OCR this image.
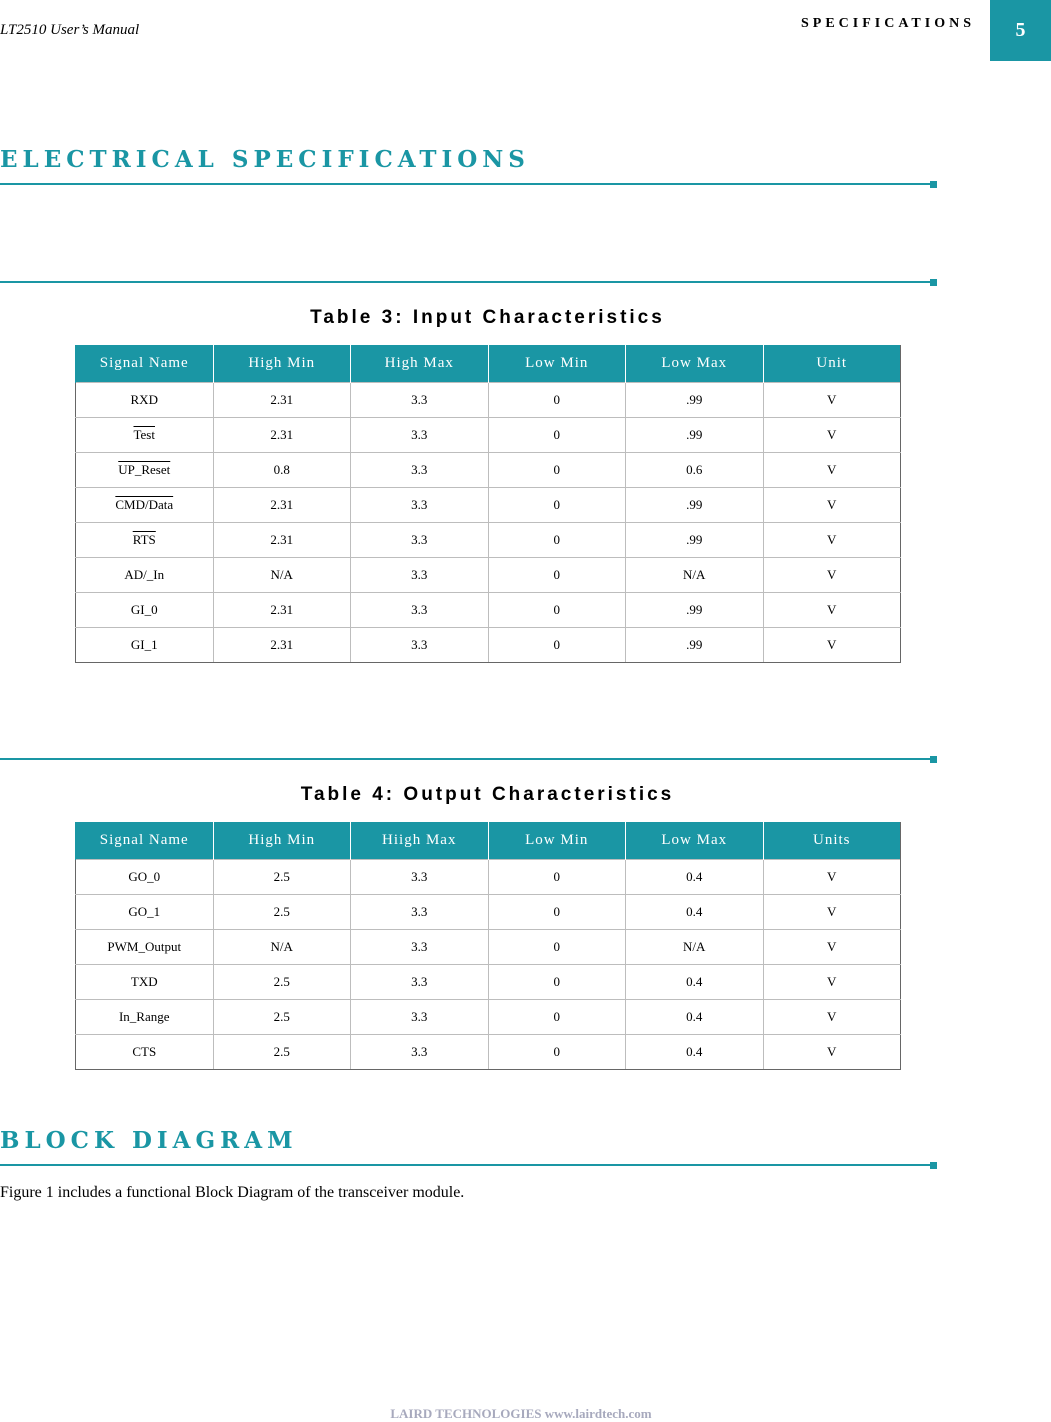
LT2510 User’s Manual	SPECIFICATIONS	5
ELECTRICAL SPECIFICATIONS
Table 3: Input Characteristics
Signal Name	High Min	High Max	Low Min	Low Max	Unit
RXD	2.31	3.3	0	.99	V
Test	2.31	3.3	0	.99	V
UP_Reset	0.8	3.3	0	0.6	V
CMD/Data	2.31	3.3	0	.99	V
$\overline{RTS}$	2.31	3.3	0	.99	V
AD/_In	N/A	3.3	0	N/A	V
GI_0	2.31	3.3	0	.99	V
GI_1	2.31	3.3	0	.99	V
Table 4: Output Characteristics
Signal Name	High Min	Hiigh Max	Low Min	Low Max	Units
GO_0	2.5	3.3	0	0.4	V
GO_1	2.5	3.3	0	0.4	V
PWM_Output	N/A	3.3	0	N/A	V
TXD	2.5	3.3	0	0.4	V
In_Range	2.5	3.3	0	0.4	V
CTS	2.5	3.3	0	0.4	V
BLOCK DIAGRAM
Figure 1 includes a functional Block Diagram of the transceiver module.
LAIRD TECHNOLOGIES www.lairdtech.com
